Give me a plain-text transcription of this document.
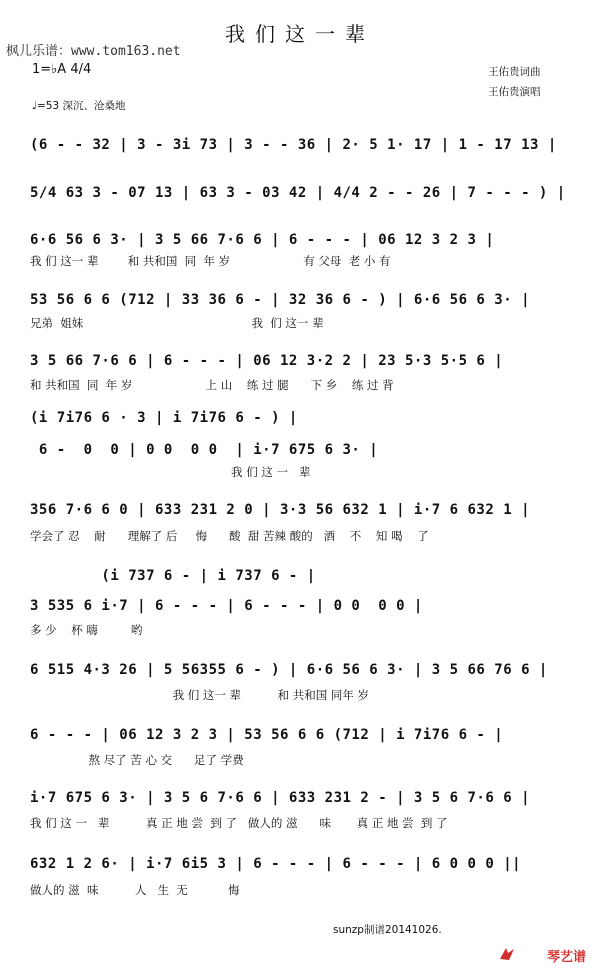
我们这一辈
枫儿乐谱：www.tom163.net
1=♭A 4/4	王佑贵词曲
王佑贵演唱
♩=53 深沉、沧桑地
(6 - - 32 | 3 - 3i 73 | 3 - - 36 | 2· 5 1· 17 | 1 - 17 13 |
5/4 63 3 - 07 13 | 63 3 - 03 42 | 4/4 2 - - 26 | 7 - - - ) |
6·6 56 6 3· | 3 5 66 7·6 6 | 6 - - - | 06 12 3 2 3 |
我 们 这一 辈        和 共和国  同  年 岁                    有 父母  老 小 有
53 56 6 6 (712 | 33 36 6 - | 32 36 6 - ) | 6·6 56 6 3· |
兄弟  姐妹                                              我  们 这一 辈
3 5 66 7·6 6 | 6 - - - | 06 12 3·2 2 | 23 5·3 5·5 6 |
和 共和国  同  年 岁                    上 山    练 过 腿      下 乡    练 过 背
(i 7i76 6 · 3 | i 7i76 6 - ) |
6 -  0  0 | 0 0  0 0  | i·7 675 6 3· |
我 们 这 一   辈
356 7·6 6 0 | 633 231 2 0 | 3·3 56 632 1 | i·7 6 632 1 |
学会了 忍    耐      理解了 后     悔      酸  甜 苦辣 酸的   酒    不    知 喝    了
(i 737 6 - | i 737 6 - |
3 535 6 i·7 | 6 - - - | 6 - - - | 0 0  0 0 |
多 少    杯 嗨         哟
6 515 4·3 26 | 5 56355 6 - ) | 6·6 56 6 3· | 3 5 66 76 6 |
我 们 这一 辈          和 共和国 同年 岁
6 - - - | 06 12 3 2 3 | 53 56 6 6 (712 | i 7i76 6 - |
熬 尽了 苦 心 交      足了 学费
i·7 675 6 3· | 3 5 6 7·6 6 | 633 231 2 - | 3 5 6 7·6 6 |
我 们 这 一   辈          真 正 地 尝  到 了   做人的 滋      味       真 正 地 尝  到 了
632 1 2 6· | i·7 6i5 3 | 6 - - - | 6 - - - | 6 0 0 0 ||
做人的 滋  味          人   生  无           悔
sunzp制谱20141026.
琴艺谱
